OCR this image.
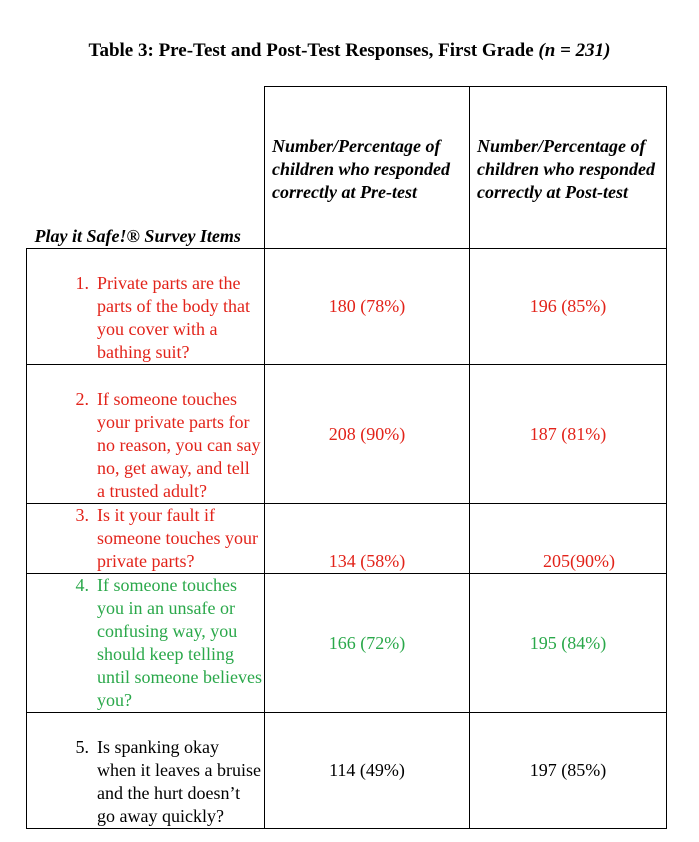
Table 3: Pre-Test and Post-Test Responses, First Grade (n = 231)
Play it Safe!® Survey Items	Number/Percentage of children who responded correctly at Pre-test	Number/Percentage of children who responded correctly at Post-test

1. Private parts are the parts of the body that you cover with a bathing suit?	180 (78%)	196 (85%)

2. If someone touches your private parts for no reason, you can say no, get away, and tell a trusted adult?	208 (90%)	187 (81%)

3. Is it your fault if someone touches your private parts?	134 (58%)	205(90%)

4. If someone touches you in an unsafe or confusing way, you should keep telling until someone believes you?	166 (72%)	195 (84%)

5. Is spanking okay when it leaves a bruise and the hurt doesn’t go away quickly?	114 (49%)	197 (85%)
